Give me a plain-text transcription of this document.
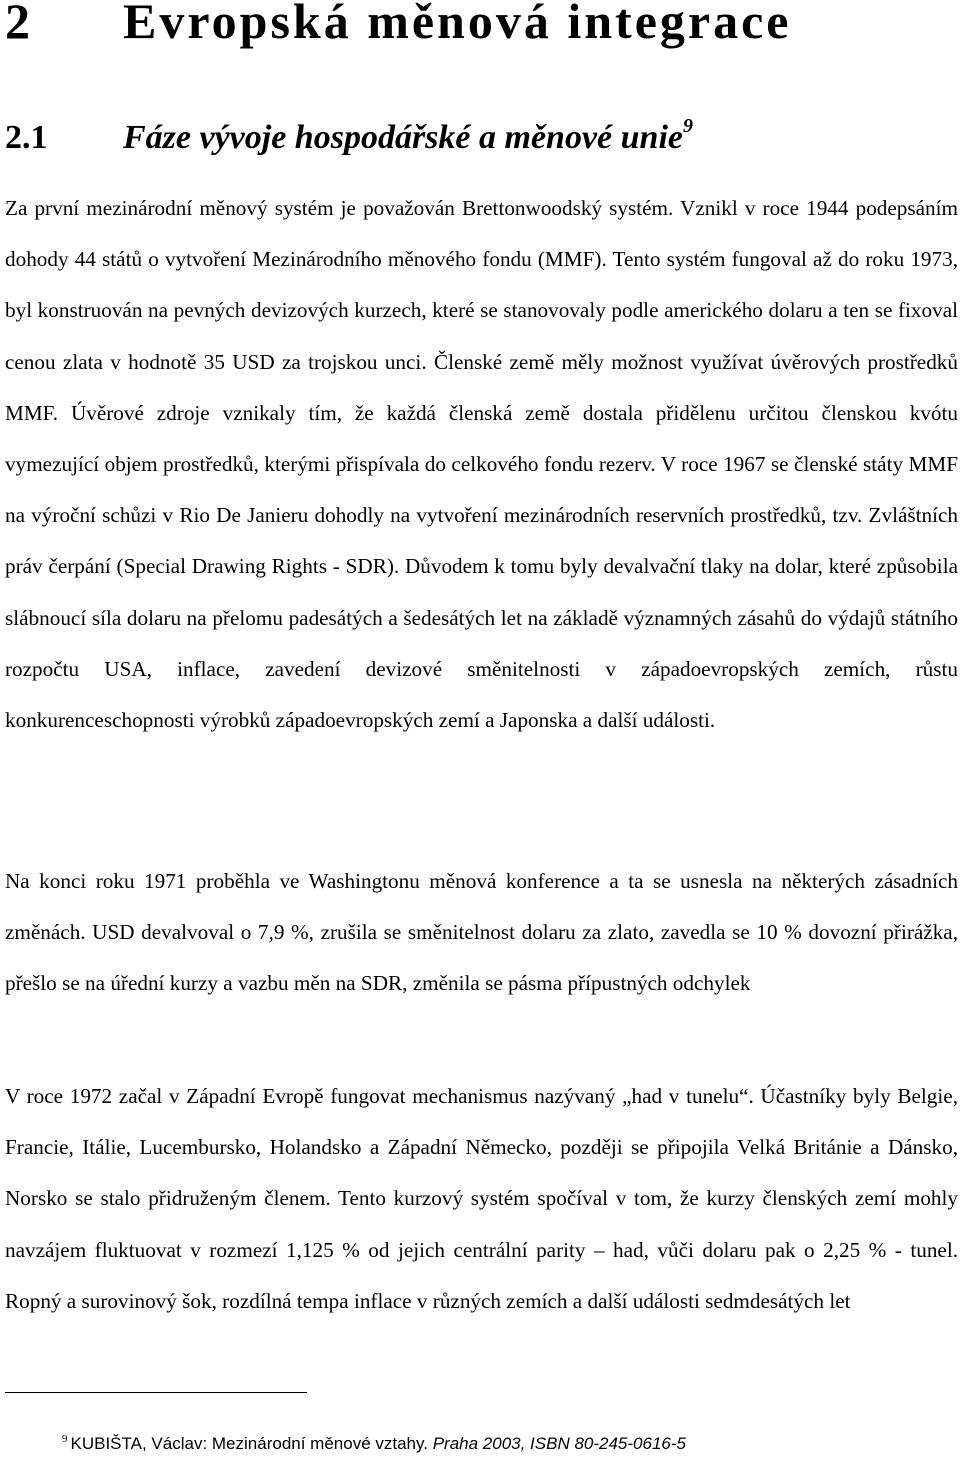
2 Evropská měnová integrace
2.1 Fáze vývoje hospodářské a měnové unie$^9$

Za první mezinárodní měnový systém je považován Brettonwoodský systém. Vznikl v roce 1944 podepsáním dohody 44 států o vytvoření Mezinárodního měnového fondu (MMF). Tento systém fungoval až do roku 1973, byl konstruován na pevných devizových kurzech, které se stanovovaly podle amerického dolaru a ten se fixoval cenou zlata v hodnotě 35 USD za trojskou unci. Členské země měly možnost využívat úvěrových prostředků MMF. Úvěrové zdroje vznikaly tím, že každá členská země dostala přidělenu určitou členskou kvótu vymezující objem prostředků, kterými přispívala do celkového fondu rezerv. V roce 1967 se členské státy MMF na výroční schůzi v Rio De Janieru dohodly na vytvoření mezinárodních reservních prostředků, tzv. Zvláštních práv čerpání (Special Drawing Rights - SDR). Důvodem k tomu byly devalvační tlaky na dolar, které způsobila slábnoucí síla dolaru na přelomu padesátých a šedesátých let na základě významných zásahů do výdajů státního rozpočtu USA, inflace, zavedení devizové směnitelnosti v západoevropských zemích, růstu konkurenceschopnosti výrobků západoevropských zemí a Japonska a další události.

Na konci roku 1971 proběhla ve Washingtonu měnová konference a ta se usnesla na některých zásadních změnách. USD devalvoval o 7,9 %, zrušila se směnitelnost dolaru za zlato, zavedla se 10 % dovozní přirážka, přešlo se na úřední kurzy a vazbu měn na SDR, změnila se pásma přípustných odchylek

V roce 1972 začal v Západní Evropě fungovat mechanismus nazývaný „had v tunelu“. Účastníky byly Belgie, Francie, Itálie, Lucembursko, Holandsko a Západní Německo, později se připojila Velká Británie a Dánsko, Norsko se stalo přidruženým členem. Tento kurzový systém spočíval v tom, že kurzy členských zemí mohly navzájem fluktuovat v rozmezí 1,125 % od jejich centrální parity – had, vůči dolaru pak o 2,25 % - tunel. Ropný a surovinový šok, rozdílná tempa inflace v různých zemích a další události sedmdesátých let

$^9$ KUBIŠTA, Václav: Mezinárodní měnové vztahy. Praha 2003, ISBN 80-245-0616-5
